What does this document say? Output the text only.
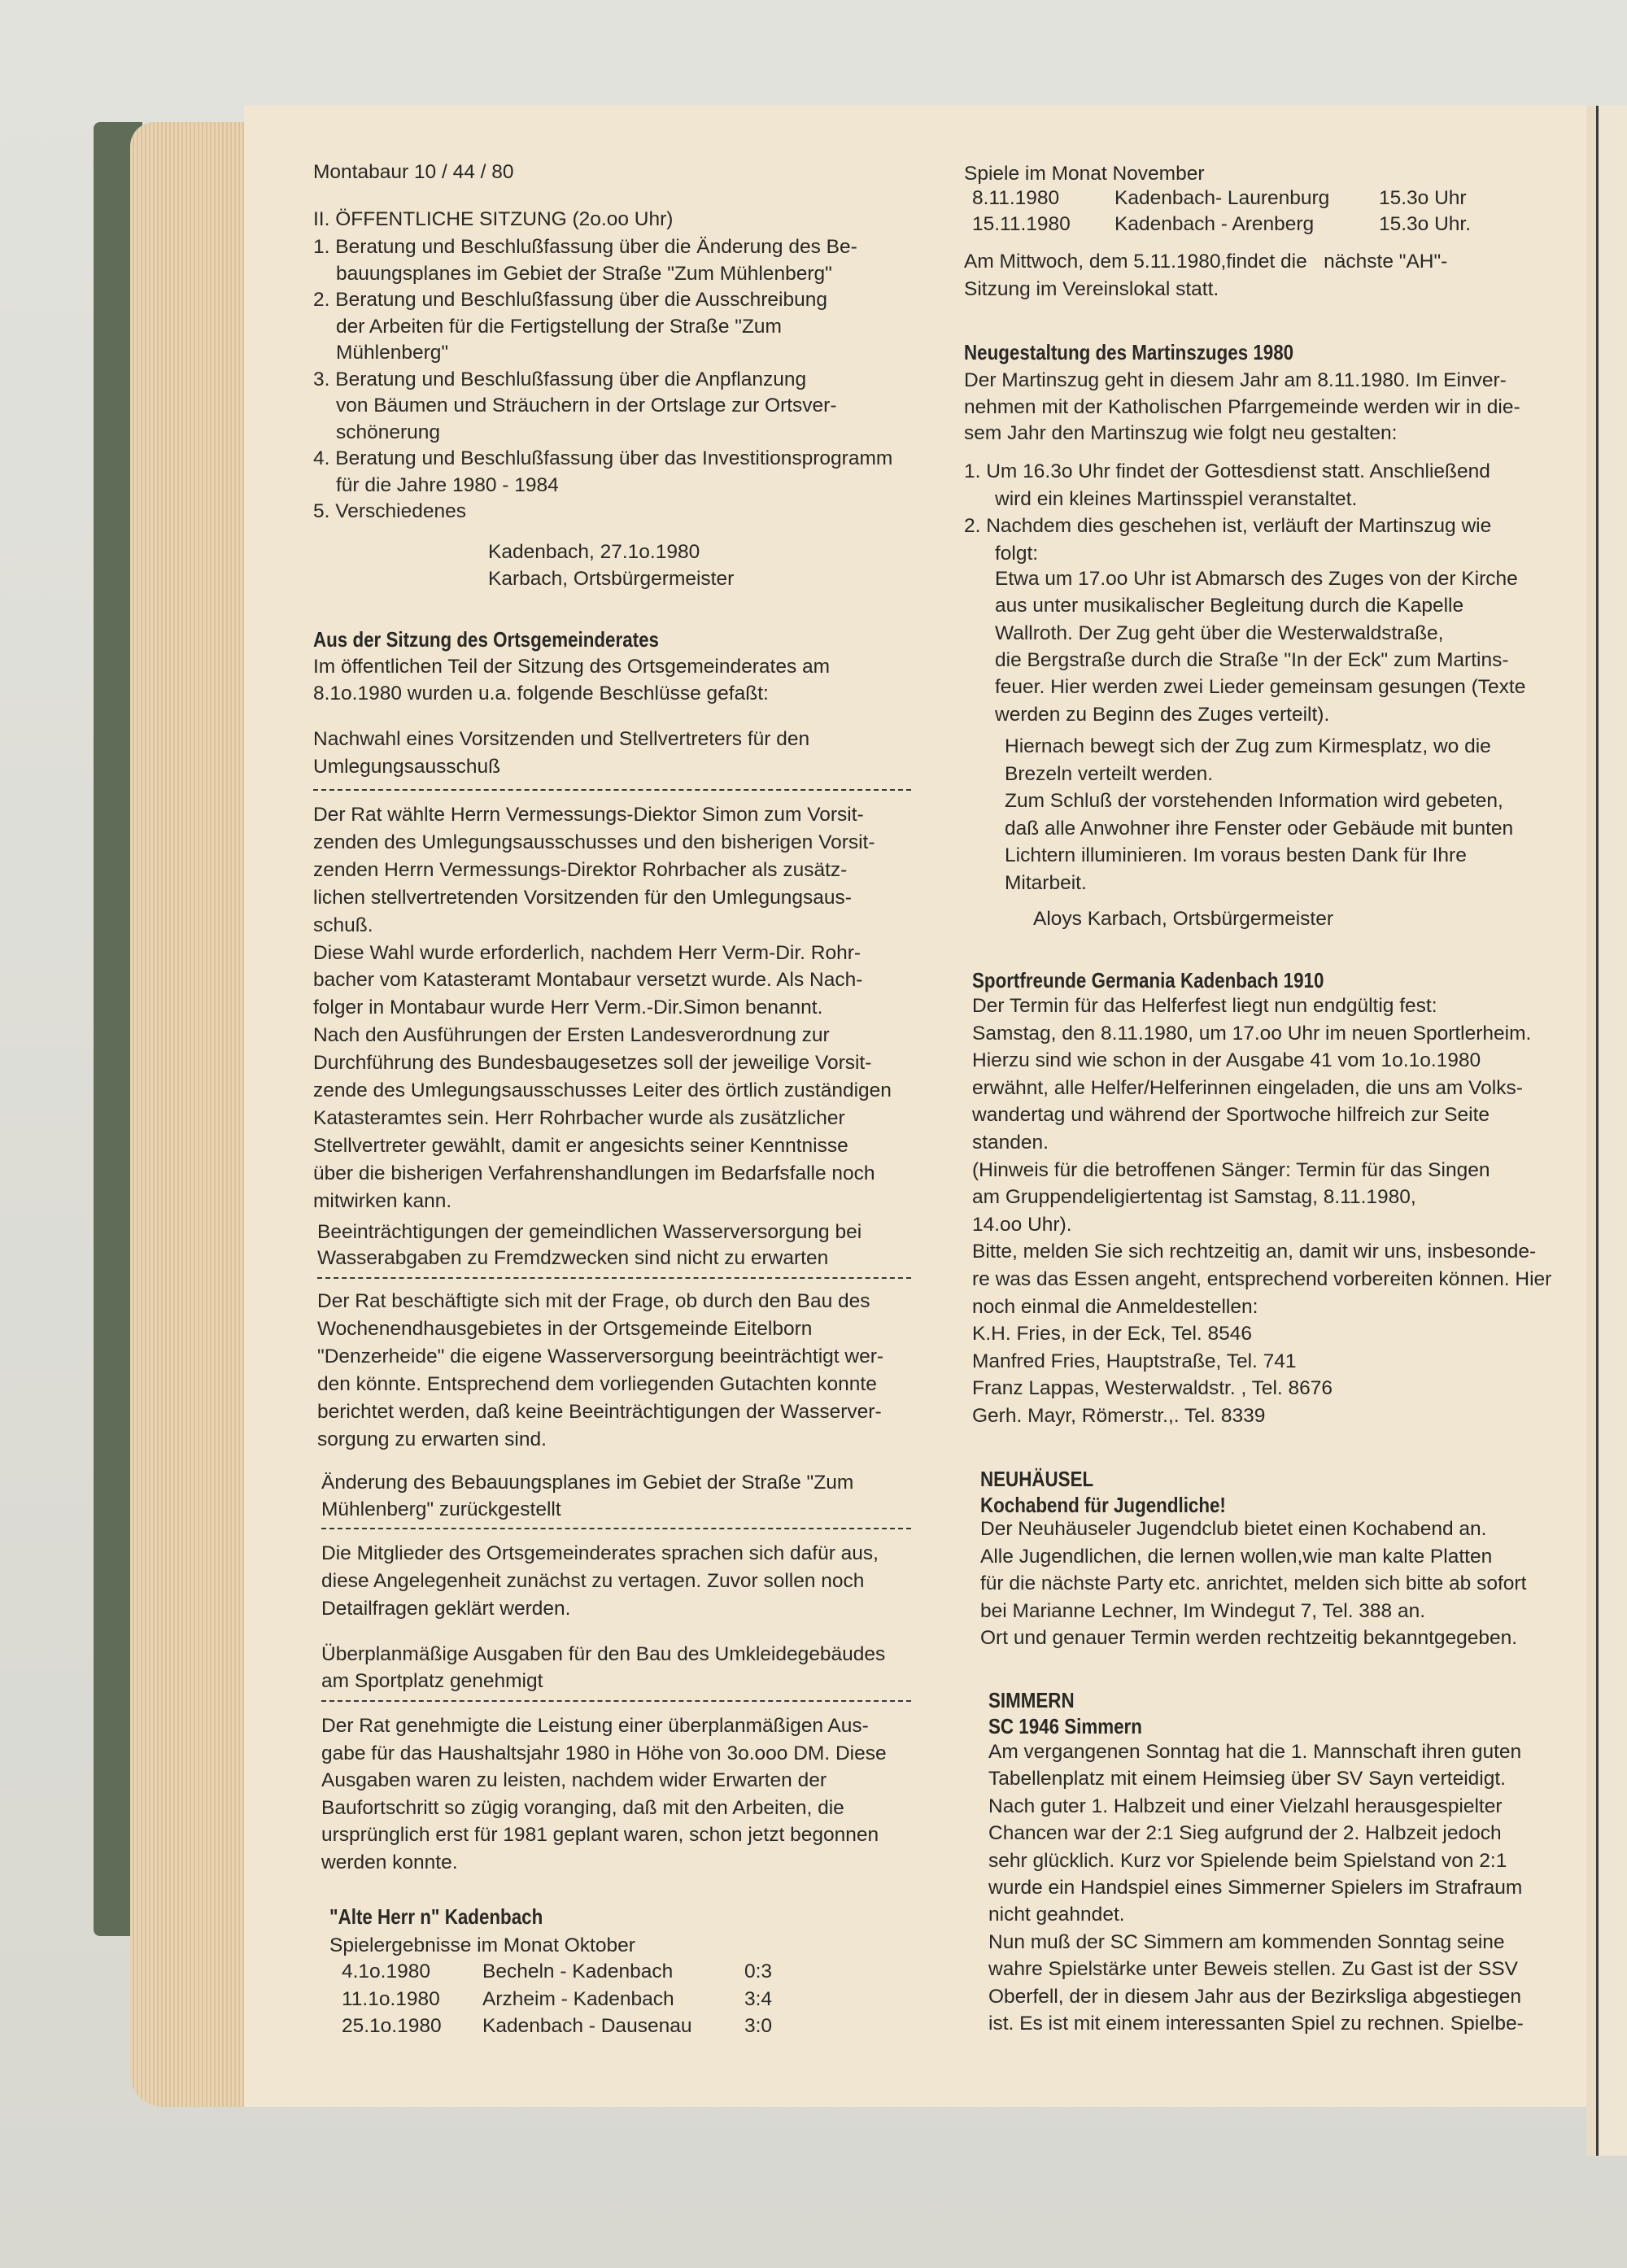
Montabaur 10 / 44 / 80
II. ÖFFENTLICHE SITZUNG (2o.oo Uhr)
1. Beratung und Beschlußfassung über die Änderung des Be-
bauungsplanes im Gebiet der Straße "Zum Mühlenberg"
2. Beratung und Beschlußfassung über die Ausschreibung
der Arbeiten für die Fertigstellung der Straße "Zum
Mühlenberg"
3. Beratung und Beschlußfassung über die Anpflanzung
von Bäumen und Sträuchern in der Ortslage zur Ortsver-
schönerung
4. Beratung und Beschlußfassung über das Investitionsprogramm
für die Jahre 1980 - 1984
5. Verschiedenes
Kadenbach, 27.1o.1980
Karbach, Ortsbürgermeister
Aus der Sitzung des Ortsgemeinderates
Im öffentlichen Teil der Sitzung des Ortsgemeinderates am
8.1o.1980 wurden u.a. folgende Beschlüsse gefaßt:
Nachwahl eines Vorsitzenden und Stellvertreters für den
Umlegungsausschuß
Der Rat wählte Herrn Vermessungs-Diektor Simon zum Vorsit-
zenden des Umlegungsausschusses und den bisherigen Vorsit-
zenden Herrn Vermessungs-Direktor Rohrbacher als zusätz-
lichen stellvertretenden Vorsitzenden für den Umlegungsaus-
schuß.
Diese Wahl wurde erforderlich, nachdem Herr Verm-Dir. Rohr-
bacher vom Katasteramt Montabaur versetzt wurde. Als Nach-
folger in Montabaur wurde Herr Verm.-Dir.Simon benannt.
Nach den Ausführungen der Ersten Landesverordnung zur
Durchführung des Bundesbaugesetzes soll der jeweilige Vorsit-
zende des Umlegungsausschusses Leiter des örtlich zuständigen
Katasteramtes sein. Herr Rohrbacher wurde als zusätzlicher
Stellvertreter gewählt, damit er angesichts seiner Kenntnisse
über die bisherigen Verfahrenshandlungen im Bedarfsfalle noch
mitwirken kann.
Beeinträchtigungen der gemeindlichen Wasserversorgung bei
Wasserabgaben zu Fremdzwecken sind nicht zu erwarten
Der Rat beschäftigte sich mit der Frage, ob durch den Bau des
Wochenendhausgebietes in der Ortsgemeinde Eitelborn
"Denzerheide" die eigene Wasserversorgung beeinträchtigt wer-
den könnte. Entsprechend dem vorliegenden Gutachten konnte
berichtet werden, daß keine Beeinträchtigungen der Wasserver-
sorgung zu erwarten sind.
Änderung des Bebauungsplanes im Gebiet der Straße "Zum
Mühlenberg" zurückgestellt
Die Mitglieder des Ortsgemeinderates sprachen sich dafür aus,
diese Angelegenheit zunächst zu vertagen. Zuvor sollen noch
Detailfragen geklärt werden.
Überplanmäßige Ausgaben für den Bau des Umkleidegebäudes
am Sportplatz genehmigt
Der Rat genehmigte die Leistung einer überplanmäßigen Aus-
gabe für das Haushaltsjahr 1980 in Höhe von 3o.ooo DM. Diese
Ausgaben waren zu leisten, nachdem wider Erwarten der
Baufortschritt so zügig voranging, daß mit den Arbeiten, die
ursprünglich erst für 1981 geplant waren, schon jetzt begonnen
werden konnte.
"Alte Herr n" Kadenbach
Spielergebnisse im Monat Oktober
4.1o.1980	Becheln - Kadenbach	0:3
11.1o.1980 Arzheim - Kadenbach	3:4
25.1o.1980 Kadenbach - Dausenau	3:0
Spiele im Monat November
8.11.1980	Kadenbach- Laurenburg 15.3o Uhr
15.11.1980 Kadenbach - Arenberg	15.3o Uhr.
Am Mittwoch, dem 5.11.1980,findet die   nächste "AH"-
Sitzung im Vereinslokal statt.
Neugestaltung des Martinszuges 1980
Der Martinszug geht in diesem Jahr am 8.11.1980. Im Einver-
nehmen mit der Katholischen Pfarrgemeinde werden wir in die-
sem Jahr den Martinszug wie folgt neu gestalten:
1. Um 16.3o Uhr findet der Gottesdienst statt. Anschließend
wird ein kleines Martinsspiel veranstaltet.
2. Nachdem dies geschehen ist, verläuft der Martinszug wie
folgt:
Etwa um 17.oo Uhr ist Abmarsch des Zuges von der Kirche
aus unter musikalischer Begleitung durch die Kapelle
Wallroth. Der Zug geht über die Westerwaldstraße,
die Bergstraße durch die Straße "In der Eck" zum Martins-
feuer. Hier werden zwei Lieder gemeinsam gesungen (Texte
werden zu Beginn des Zuges verteilt).
Hiernach bewegt sich der Zug zum Kirmesplatz, wo die
Brezeln verteilt werden.
Zum Schluß der vorstehenden Information wird gebeten,
daß alle Anwohner ihre Fenster oder Gebäude mit bunten
Lichtern illuminieren. Im voraus besten Dank für Ihre
Mitarbeit.
Aloys Karbach, Ortsbürgermeister
Sportfreunde Germania Kadenbach 1910
Der Termin für das Helferfest liegt nun endgültig fest:
Samstag, den 8.11.1980, um 17.oo Uhr im neuen Sportlerheim.
Hierzu sind wie schon in der Ausgabe 41 vom 1o.1o.1980
erwähnt, alle Helfer/Helferinnen eingeladen, die uns am Volks-
wandertag und während der Sportwoche hilfreich zur Seite
standen.
(Hinweis für die betroffenen Sänger: Termin für das Singen
am Gruppendeligiertentag ist Samstag, 8.11.1980,
14.oo Uhr).
Bitte, melden Sie sich rechtzeitig an, damit wir uns, insbesonde-
re was das Essen angeht, entsprechend vorbereiten können. Hier
noch einmal die Anmeldestellen:
K.H. Fries, in der Eck, Tel. 8546
Manfred Fries, Hauptstraße, Tel. 741
Franz Lappas, Westerwaldstr. , Tel. 8676
Gerh. Mayr, Römerstr.,. Tel. 8339
NEUHÄUSEL
Kochabend für Jugendliche!
Der Neuhäuseler Jugendclub bietet einen Kochabend an.
Alle Jugendlichen, die lernen wollen,wie man kalte Platten
für die nächste Party etc. anrichtet, melden sich bitte ab sofort
bei Marianne Lechner, Im Windegut 7, Tel. 388 an.
Ort und genauer Termin werden rechtzeitig bekanntgegeben.
SIMMERN
SC 1946 Simmern
Am vergangenen Sonntag hat die 1. Mannschaft ihren guten
Tabellenplatz mit einem Heimsieg über SV Sayn verteidigt.
Nach guter 1. Halbzeit und einer Vielzahl herausgespielter
Chancen war der 2:1 Sieg aufgrund der 2. Halbzeit jedoch
sehr glücklich. Kurz vor Spielende beim Spielstand von 2:1
wurde ein Handspiel eines Simmerner Spielers im Strafraum
nicht geahndet.
Nun muß der SC Simmern am kommenden Sonntag seine
wahre Spielstärke unter Beweis stellen. Zu Gast ist der SSV
Oberfell, der in diesem Jahr aus der Bezirksliga abgestiegen
ist. Es ist mit einem interessanten Spiel zu rechnen. Spielbe-
